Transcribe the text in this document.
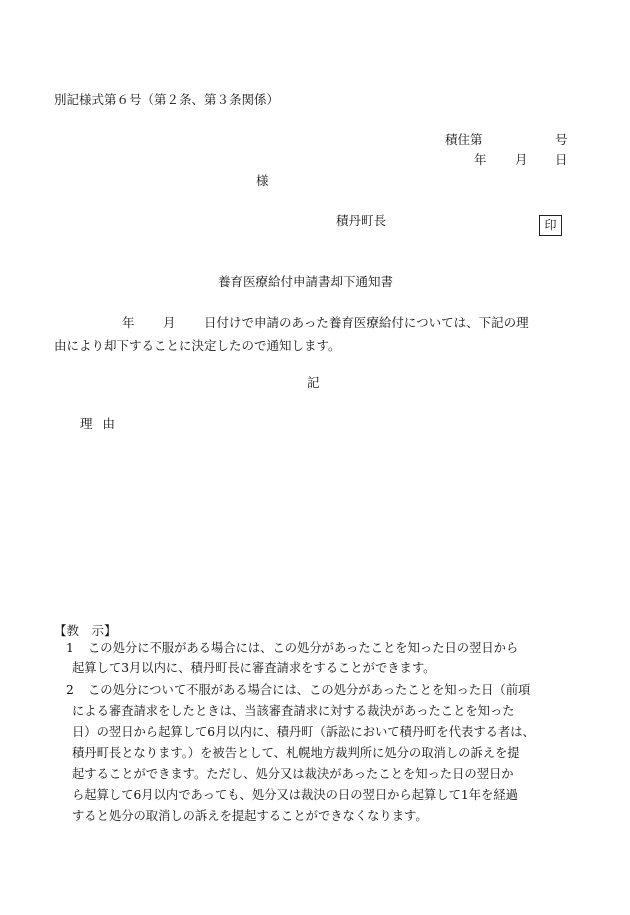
別記様式第６号（第２条、第３条関係）
積住第	号
年 月 日
様
積丹町長	印
養育医療給付申請書却下通知書
年 月 日付けで申請のあった養育医療給付については、下記の理
由により却下することに決定したので通知します。
記
理由
【教　示】
1 この処分に不服がある場合には、この処分があったことを知った日の翌日から
起算して3月以内に、積丹町長に審査請求をすることができます。
2 この処分について不服がある場合には、この処分があったことを知った日（前項
による審査請求をしたときは、当該審査請求に対する裁決があったことを知った
日）の翌日から起算して6月以内に、積丹町（訴訟において積丹町を代表する者は、
積丹町長となります。）を被告として、札幌地方裁判所に処分の取消しの訴えを提
起することができます。ただし、処分又は裁決があったことを知った日の翌日か
ら起算して6月以内であっても、処分又は裁決の日の翌日から起算して1年を経過
すると処分の取消しの訴えを提起することができなくなります。
